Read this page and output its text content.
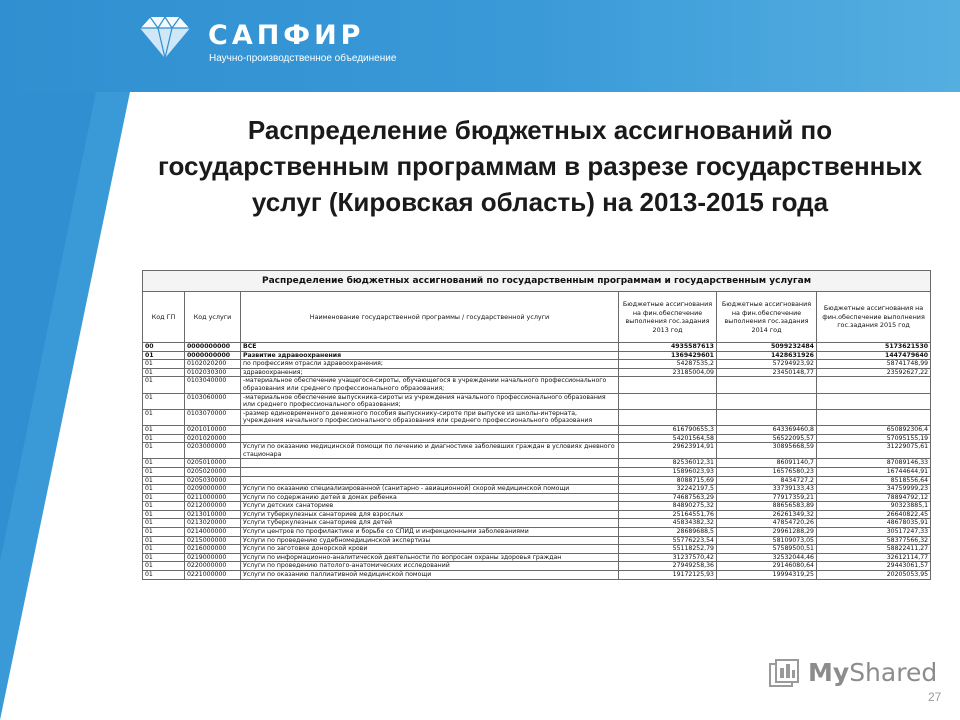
САПФИР
Научно-производственное объединение
Распределение бюджетных ассигнований по государственным программам в разрезе государственных услуг (Кировская область) на 2013-2015 года
Распределение бюджетных ассигнований по государственным программам и государственным услугам					
Код ГП	Код услуги	Наименование государственной программы / государственной услуги	Бюджетные ассигнования на фин.обеспечение выполнения гос.задания 2013 год	Бюджетные ассигнования на фин.обеспечение выполнения гос.задания 2014 год	Бюджетные ассигнования на фин.обеспечение выполнения гос.задания 2015 год
00	0000000000	ВСЕ	4935587613	5099232484	5173621530
01	0000000000	Развитие здравоохранения	1369429601	1428631926	1447479640
01	0102020200	по профессиям отрасли здравоохранения;	54287535,2	57294923,92	58741748,99
01	0102030300	здравоохранения;	23185004,09	23450148,77	23592627,22
01	0103040000	-материальное обеспечение учащегося-сироты, обучающегося в учреждении начального профессионального образования или среднего профессионального образования;			
01	0103060000	-материальное обеспечение выпускника-сироты из учреждения начального профессионального образования или среднего профессионального образования;			
01	0103070000	-размер единовременного денежного пособия выпускнику-сироте при выпуске из школы-интерната, учреждения начального профессионального образования или среднего профессионального образования			
01	0201010000		616790655,3	643369460,8	650892306,4
01	0201020000		54201564,58	56522095,57	57095155,19
01	0203000000	Услуги по оказанию медицинской помощи по лечению и диагностике заболевших граждан в условиях дневного стационара	29623914,91	30895668,59	31229075,61
01	0205010000		82536012,31	86091140,7	87089146,33
01	0205020000		15896023,93	16576580,23	16744644,91
01	0205030000		8088715,69	8434727,2	8518556,64
01	0209000000	Услуги по оказанию специализированной (санитарно - авиационной) скорой медицинской помощи	32242197,5	33739133,43	34759999,23
01	0211000000	Услуги по содержанию детей в домах ребенка	74687563,29	77917359,21	78894792,12
01	0212000000	Услуги детских санаториев	84890275,32	88656583,89	90323885,1
01	0213010000	Услуги туберкулезных санаториев для взрослых	25164551,76	26261349,32	26640822,45
01	0213020000	Услуги туберкулезных санаториев для детей	45834382,32	47854720,26	48678035,91
01	0214000000	Услуги центров по профилактике и борьбе со СПИД и инфекционными заболеваниями	28689688,5	29961288,29	30517247,33
01	0215000000	Услуги по проведению судебномедицинской экспертизы	55776223,54	58109073,05	58377566,32
01	0216000000	Услуги по заготовке донорской крови	55118252,79	57589500,51	58822411,27
01	0219000000	Услуги по информационно-аналитической деятельности по вопросам охраны здоровья граждан	31237570,42	32532044,46	32612114,77
01	0220000000	Услуги по проведению патолого-анатомических исследований	27949258,36	29146080,64	29443061,57
01	0221000000	Услуги по оказанию паллиативной медицинской помощи	19172125,93	19994319,25	20205053,95
MyShared
27
